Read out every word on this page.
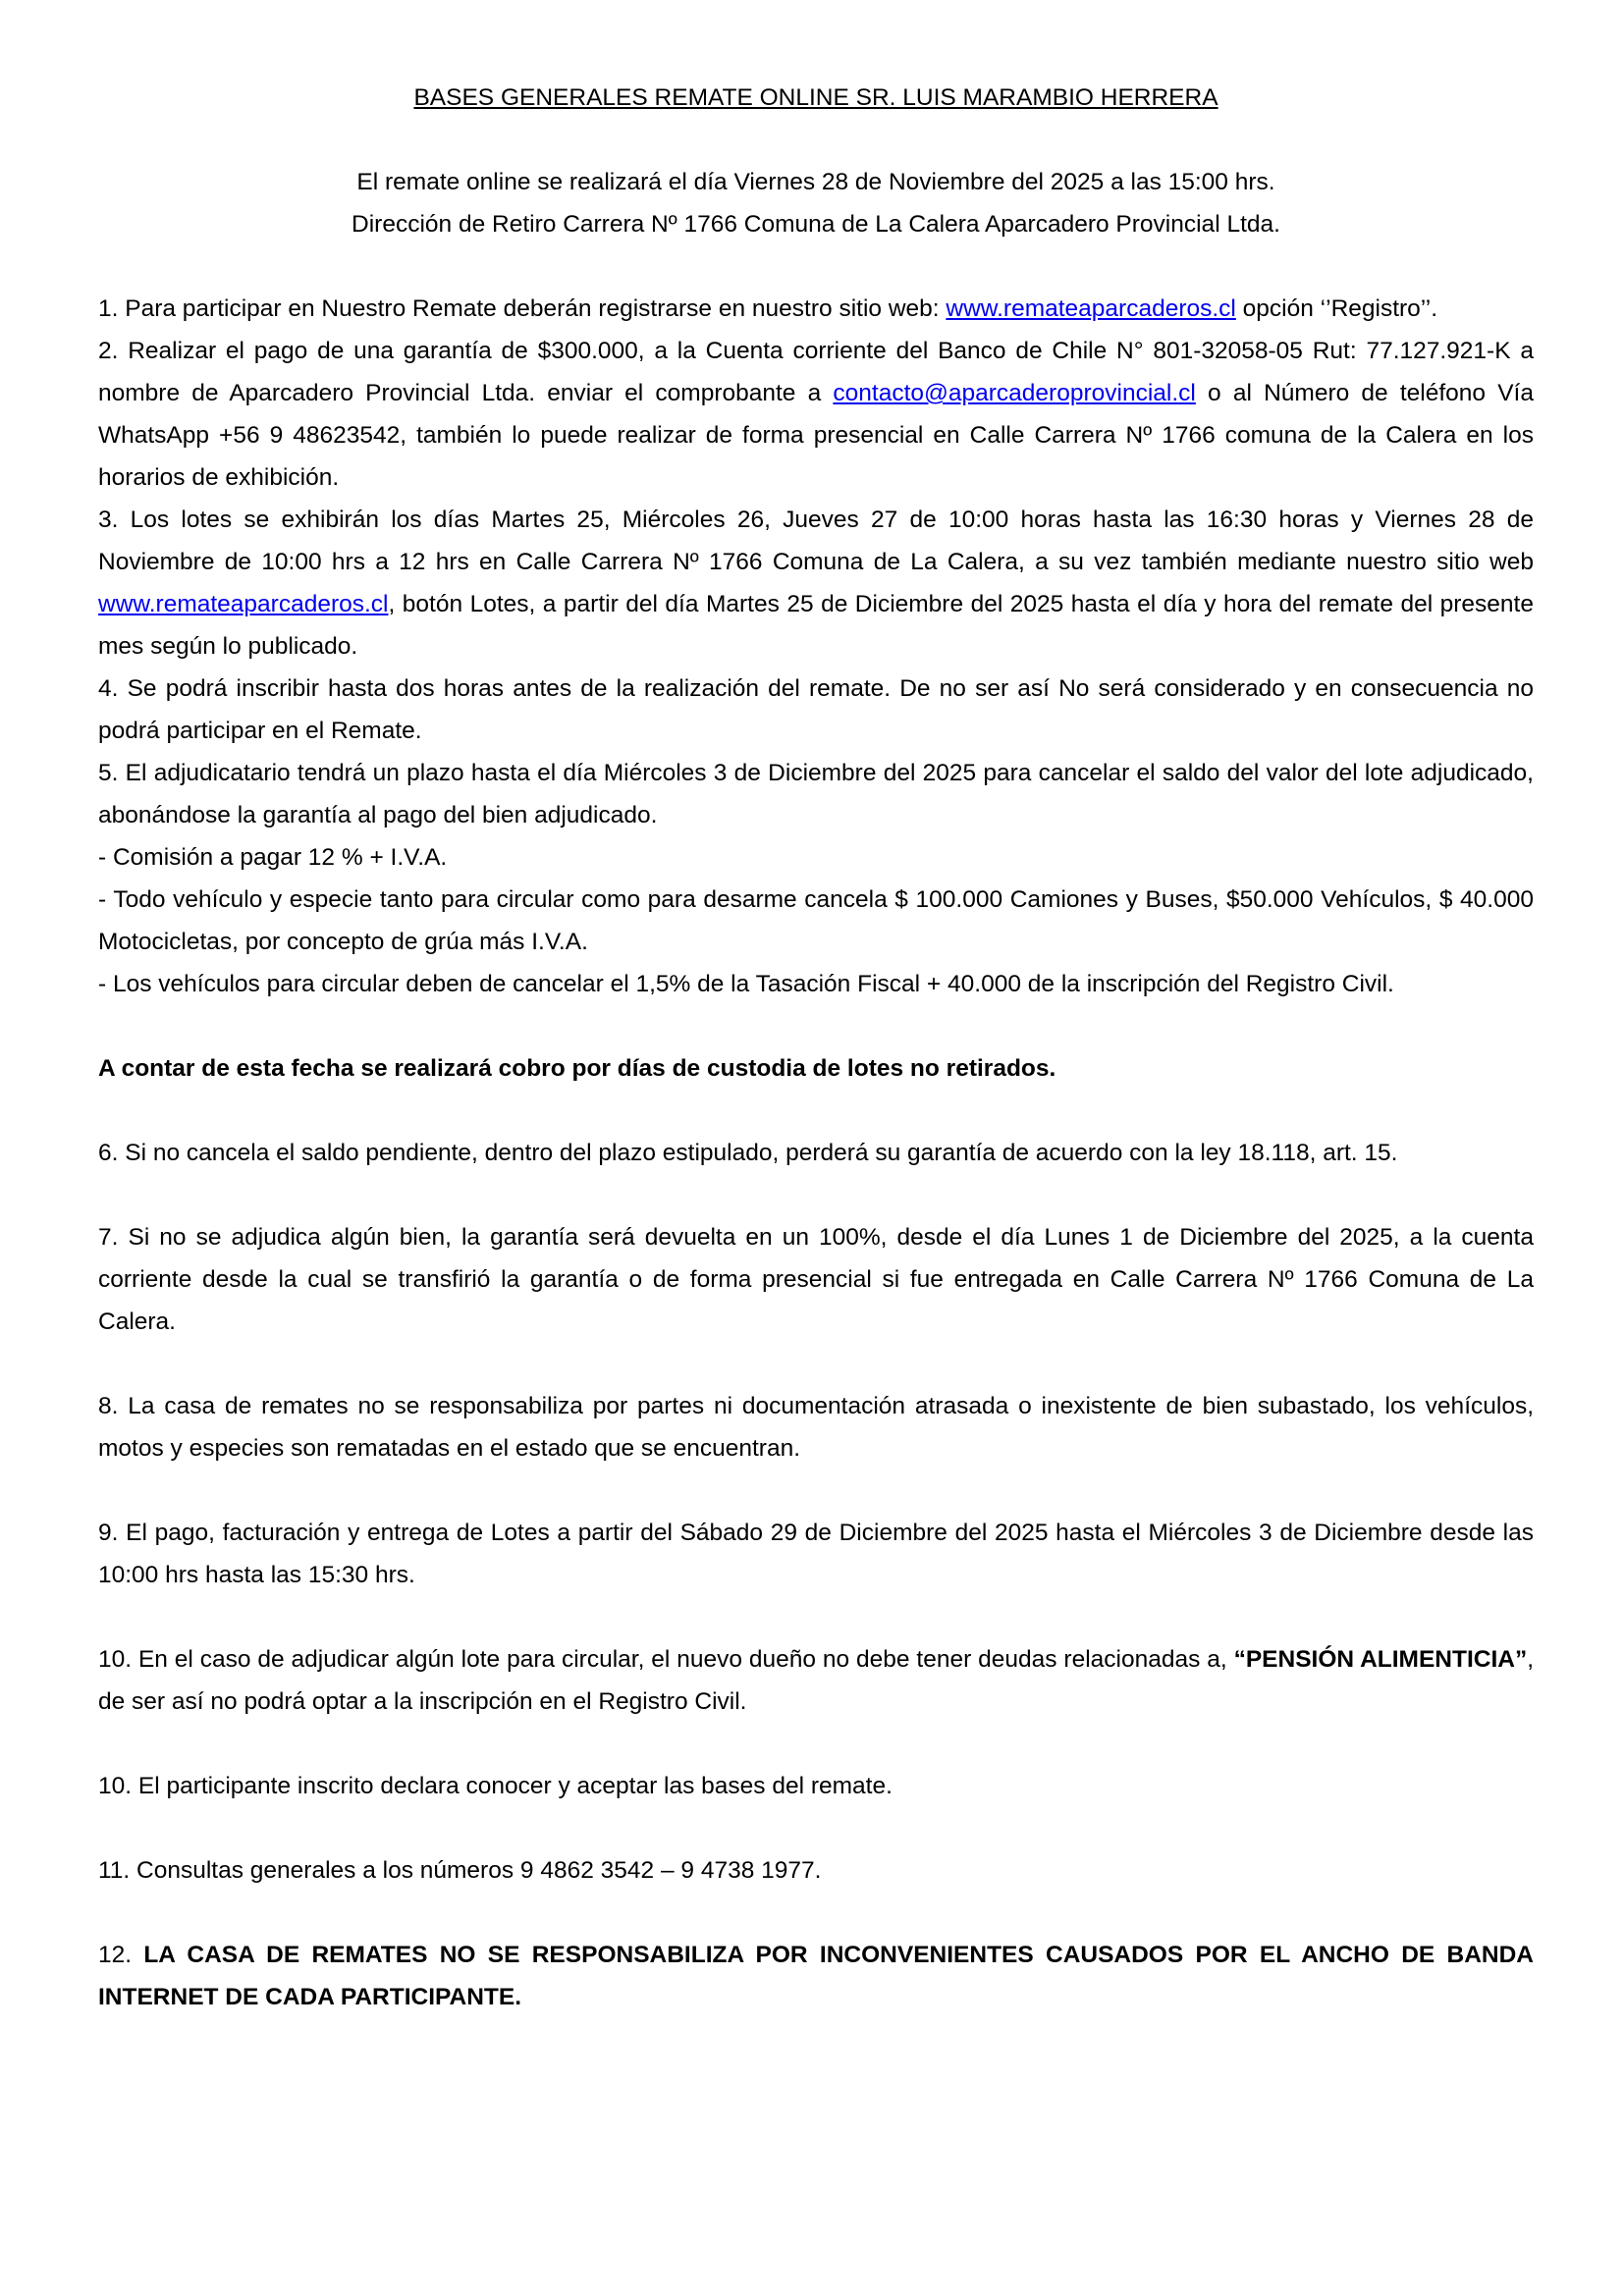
BASES GENERALES REMATE ONLINE SR. LUIS MARAMBIO HERRERA

El remate online se realizará el día Viernes 28 de Noviembre del 2025 a las 15:00 hrs.

Dirección de Retiro Carrera Nº 1766 Comuna de La Calera Aparcadero Provincial Ltda.

1. Para participar en Nuestro Remate deberán registrarse en nuestro sitio web: www.remateaparcaderos.cl opción ‘’Registro’’.

2. Realizar el pago de una garantía de $300.000, a la Cuenta corriente del Banco de Chile N° 801-32058-05 Rut: 77.127.921-K a nombre de Aparcadero Provincial Ltda. enviar el comprobante a contacto@aparcaderoprovincial.cl o al Número de teléfono Vía WhatsApp +56 9 48623542, también lo puede realizar de forma presencial en Calle Carrera Nº 1766 comuna de la Calera en los horarios de exhibición.

3. Los lotes se exhibirán los días Martes 25, Miércoles 26, Jueves 27 de 10:00 horas hasta las 16:30 horas y Viernes 28 de Noviembre de 10:00 hrs a 12 hrs en Calle Carrera Nº 1766 Comuna de La Calera, a su vez también mediante nuestro sitio web www.remateaparcaderos.cl, botón Lotes, a partir del día Martes 25 de Diciembre del 2025 hasta el día y hora del remate del presente mes según lo publicado.

4. Se podrá inscribir hasta dos horas antes de la realización del remate. De no ser así No será considerado y en consecuencia no podrá participar en el Remate.

5. El adjudicatario tendrá un plazo hasta el día Miércoles 3 de Diciembre del 2025 para cancelar el saldo del valor del lote adjudicado, abonándose la garantía al pago del bien adjudicado.

- Comisión a pagar 12 % + I.V.A.

- Todo vehículo y especie tanto para circular como para desarme cancela $ 100.000 Camiones y Buses, $50.000 Vehículos, $ 40.000 Motocicletas, por concepto de grúa más I.V.A.

- Los vehículos para circular deben de cancelar el 1,5% de la Tasación Fiscal + 40.000 de la inscripción del Registro Civil.

A contar de esta fecha se realizará cobro por días de custodia de lotes no retirados.

6. Si no cancela el saldo pendiente, dentro del plazo estipulado, perderá su garantía de acuerdo con la ley 18.118, art. 15.

7. Si no se adjudica algún bien, la garantía será devuelta en un 100%, desde el día Lunes 1 de Diciembre del 2025, a la cuenta corriente desde la cual se transfirió la garantía o de forma presencial si fue entregada en Calle Carrera Nº 1766 Comuna de La Calera.

8. La casa de remates no se responsabiliza por partes ni documentación atrasada o inexistente de bien subastado, los vehículos, motos y especies son rematadas en el estado que se encuentran.

9. El pago, facturación y entrega de Lotes a partir del Sábado 29 de Diciembre del 2025 hasta el Miércoles 3 de Diciembre desde las 10:00 hrs hasta las 15:30 hrs.

10. En el caso de adjudicar algún lote para circular, el nuevo dueño no debe tener deudas relacionadas a, “PENSIÓN ALIMENTICIA”, de ser así no podrá optar a la inscripción en el Registro Civil.

10. El participante inscrito declara conocer y aceptar las bases del remate.

11. Consultas generales a los números 9 4862 3542 – 9 4738 1977.

12. LA CASA DE REMATES NO SE RESPONSABILIZA POR INCONVENIENTES CAUSADOS POR EL ANCHO DE BANDA INTERNET DE CADA PARTICIPANTE.
